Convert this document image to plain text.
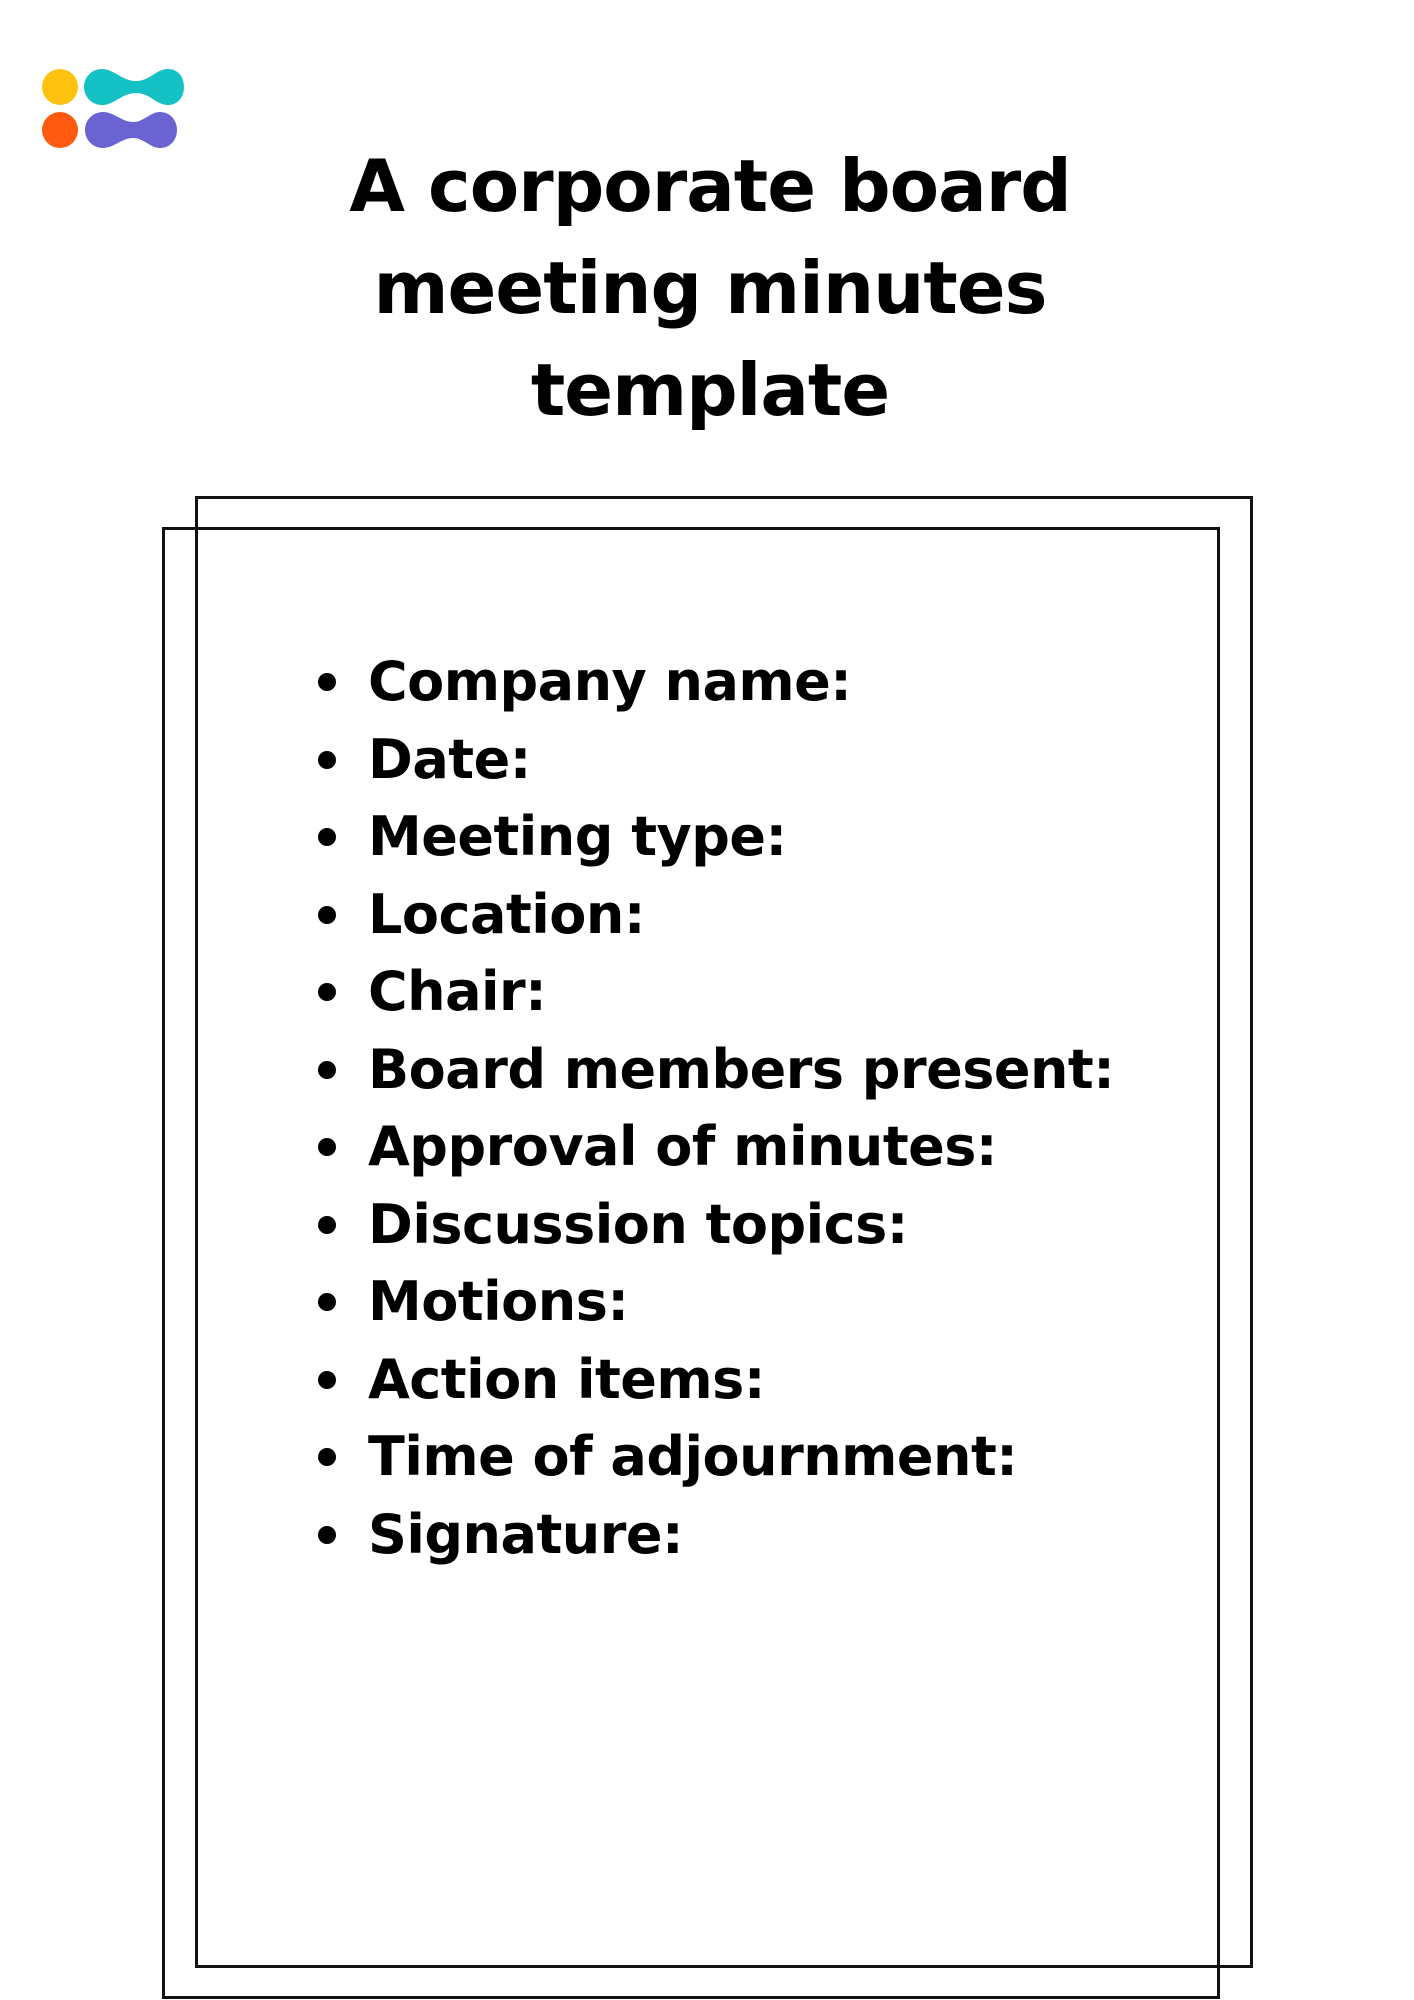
A corporate board
meeting minutes
template
Company name:
Date:
Meeting type:
Location:
Chair:
Board members present:
Approval of minutes:
Discussion topics:
Motions:
Action items:
Time of adjournment:
Signature:
